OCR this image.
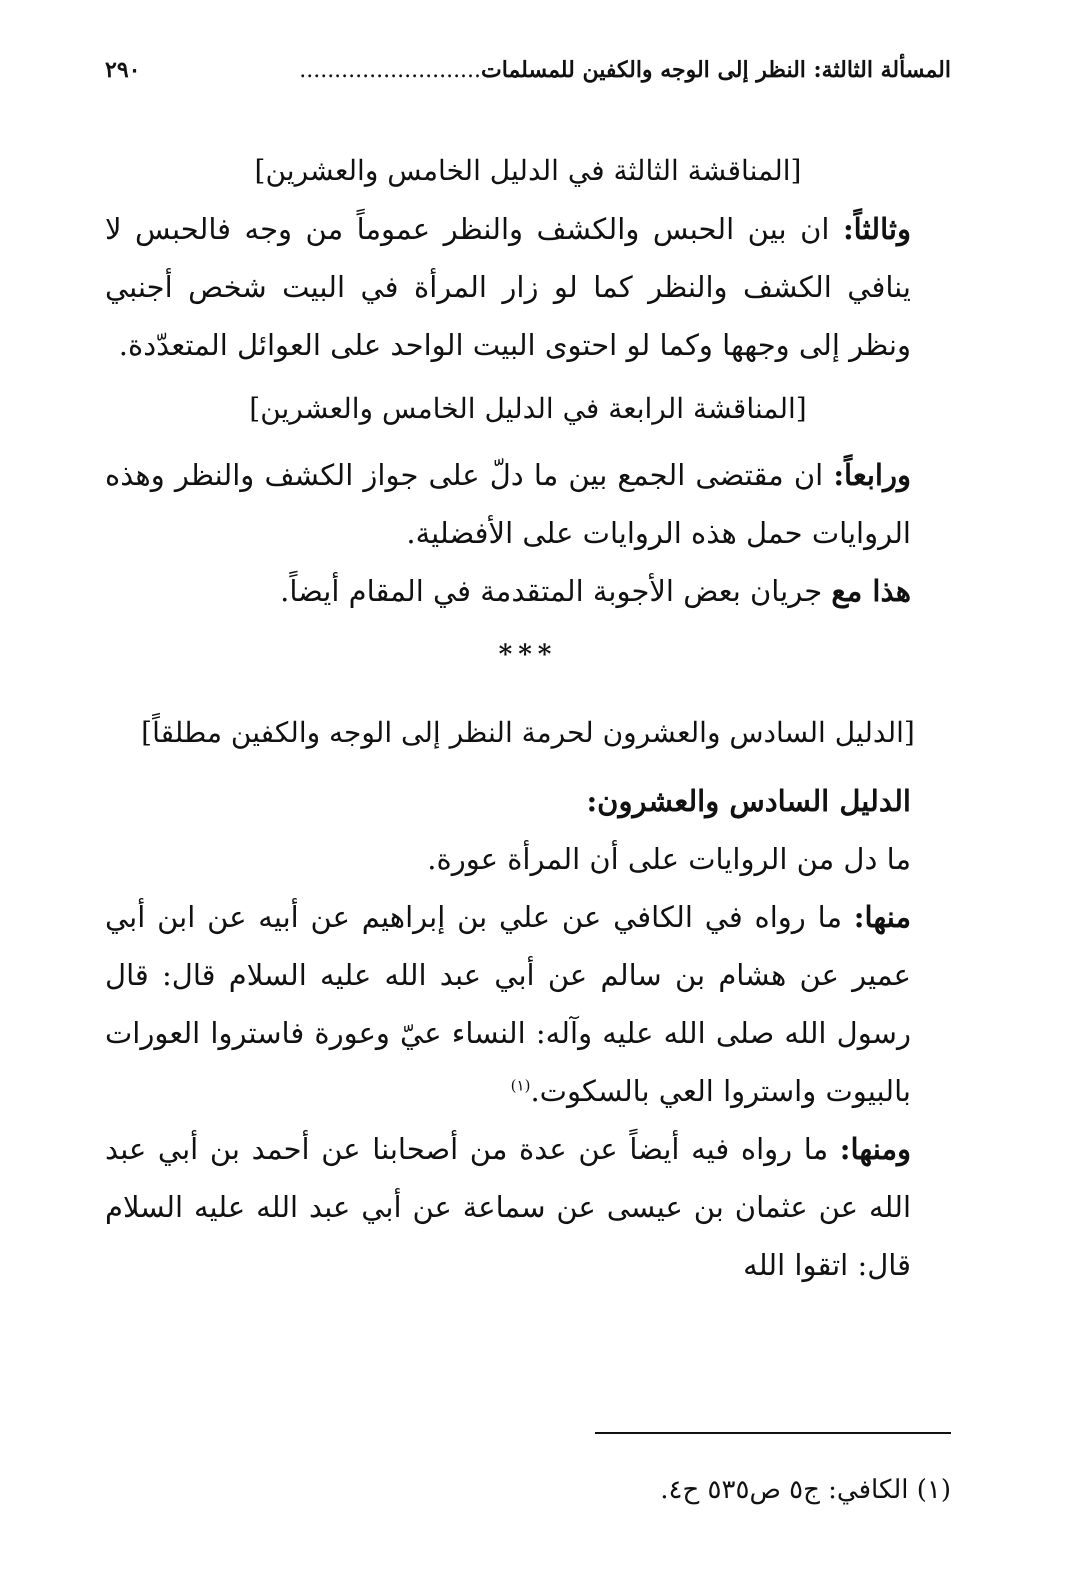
المسألة الثالثة: النظر إلى الوجه والكفين للمسلمات..........................
٢٩٠
[المناقشة الثالثة في الدليل الخامس والعشرين]
وثالثاً: ان بين الحبس والكشف والنظر عموماً من وجه فالحبس لا ينافي الكشف والنظر كما لو زار المرأة في البيت شخص أجنبي ونظر إلى وجهها وكما لو احتوى البيت الواحد على العوائل المتعدّدة.
[المناقشة الرابعة في الدليل الخامس والعشرين]
ورابعاً: ان مقتضى الجمع بين ما دلّ على جواز الكشف والنظر وهذه الروايات حمل هذه الروايات على الأفضلية.
هذا مع جريان بعض الأجوبة المتقدمة في المقام أيضاً.
***
[الدليل السادس والعشرون لحرمة النظر إلى الوجه والكفين مطلقاً]
الدليل السادس والعشرون:
ما دل من الروايات على أن المرأة عورة.
منها: ما رواه في الكافي عن علي بن إبراهيم عن أبيه عن ابن أبي عمير عن هشام بن سالم عن أبي عبد الله عليه السلام قال: قال رسول الله صلى الله عليه وآله: النساء عيّ وعورة فاستروا العورات بالبيوت واستروا العي بالسكوت.$^{(١)}$
ومنها: ما رواه فيه أيضاً عن عدة من أصحابنا عن أحمد بن أبي عبد الله عن عثمان بن عيسى عن سماعة عن أبي عبد الله عليه السلام قال: اتقوا الله
(١) الكافي: ج٥ ص٥٣٥ ح٤.
